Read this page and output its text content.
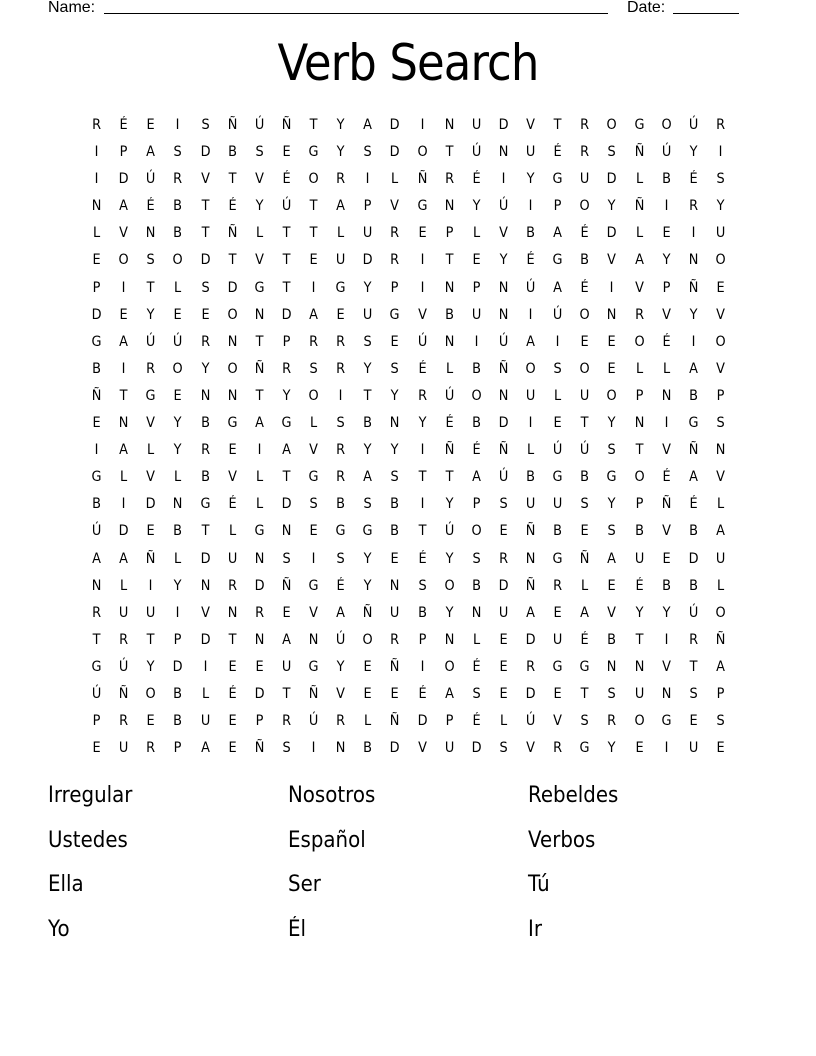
Name:	Date:
Verb Search
R	É	E	I	S	Ñ	Ú	Ñ	T	Y	A	D	I	N	U	D	V	T	R	O	G	O	Ú	R
I	P	A	S	D	B	S	E	G	Y	S	D	O	T	Ú	N	U	É	R	S	Ñ	Ú	Y	I
I	D	Ú	R	V	T	V	É	O	R	I	L	Ñ	R	É	I	Y	G	U	D	L	B	É	S
N	A	É	B	T	É	Y	Ú	T	A	P	V	G	N	Y	Ú	I	P	O	Y	Ñ	I	R	Y
L	V	N	B	T	Ñ	L	T	T	L	U	R	E	P	L	V	B	A	É	D	L	E	I	U
E	O	S	O	D	T	V	T	E	U	D	R	I	T	E	Y	É	G	B	V	A	Y	N	O
P	I	T	L	S	D	G	T	I	G	Y	P	I	N	P	N	Ú	A	É	I	V	P	Ñ	E
D	E	Y	E	E	O	N	D	A	E	U	G	V	B	U	N	I	Ú	O	N	R	V	Y	V
G	A	Ú	Ú	R	N	T	P	R	R	S	E	Ú	N	I	Ú	A	I	E	E	O	É	I	O
B	I	R	O	Y	O	Ñ	R	S	R	Y	S	É	L	B	Ñ	O	S	O	E	L	L	A	V
Ñ	T	G	E	N	N	T	Y	O	I	T	Y	R	Ú	O	N	U	L	U	O	P	N	B	P
E	N	V	Y	B	G	A	G	L	S	B	N	Y	É	B	D	I	E	T	Y	N	I	G	S
I	A	L	Y	R	E	I	A	V	R	Y	Y	I	Ñ	É	Ñ	L	Ú	Ú	S	T	V	Ñ	N
G	L	V	L	B	V	L	T	G	R	A	S	T	T	A	Ú	B	G	B	G	O	É	A	V
B	I	D	N	G	É	L	D	S	B	S	B	I	Y	P	S	U	U	S	Y	P	Ñ	É	L
Ú	D	E	B	T	L	G	N	E	G	G	B	T	Ú	O	E	Ñ	B	E	S	B	V	B	A
A	A	Ñ	L	D	U	N	S	I	S	Y	E	É	Y	S	R	N	G	Ñ	A	U	E	D	U
N	L	I	Y	N	R	D	Ñ	G	É	Y	N	S	O	B	D	Ñ	R	L	E	É	B	B	L
R	U	U	I	V	N	R	E	V	A	Ñ	U	B	Y	N	U	A	E	A	V	Y	Y	Ú	O
T	R	T	P	D	T	N	A	N	Ú	O	R	P	N	L	E	D	U	É	B	T	I	R	Ñ
G	Ú	Y	D	I	E	E	U	G	Y	E	Ñ	I	O	É	E	R	G	G	N	N	V	T	A
Ú	Ñ	O	B	L	É	D	T	Ñ	V	E	E	É	A	S	E	D	E	T	S	U	N	S	P
P	R	E	B	U	E	P	R	Ú	R	L	Ñ	D	P	É	L	Ú	V	S	R	O	G	E	S
E	U	R	P	A	E	Ñ	S	I	N	B	D	V	U	D	S	V	R	G	Y	E	I	U	E
Irregular	Nosotros	Rebeldes
Ustedes	Español	Verbos
Ella	Ser	Tú
Yo	Él	Ir
